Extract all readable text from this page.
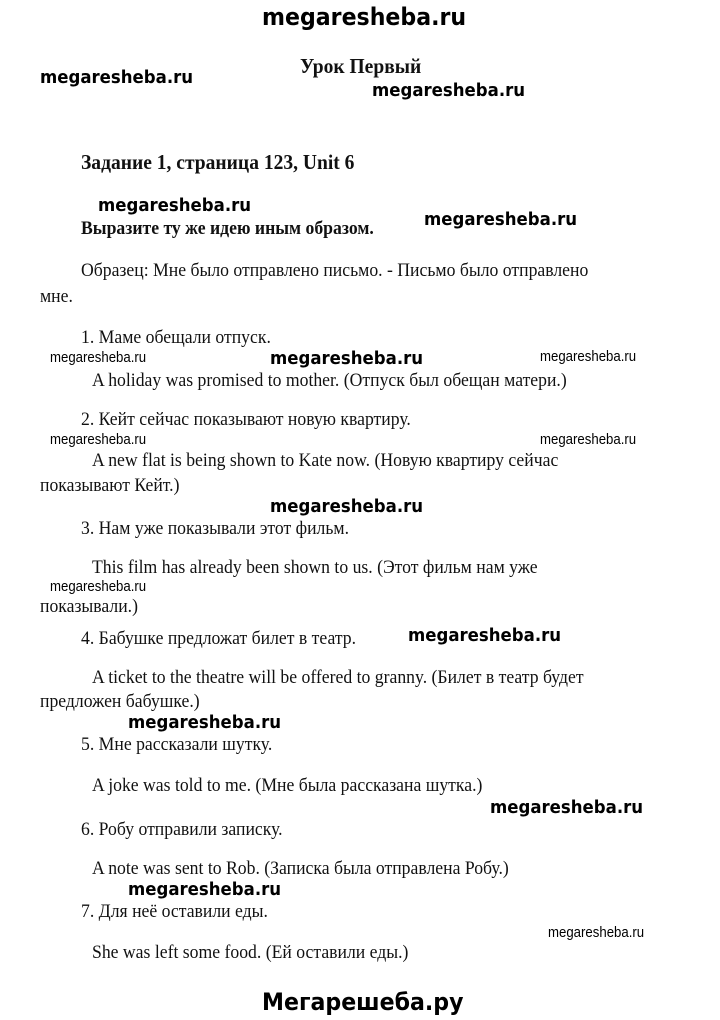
megaresheba.ru
Урок Первый
megaresheba.ru
megaresheba.ru
Задание 1, страница 123, Unit 6
megaresheba.ru
Выразите ту же идею иным образом.	megaresheba.ru
Образец: Мне было отправлено письмо. - Письмо было отправлено
мне.
1. Маме обещали отпуск.
megaresheba.ru	megaresheba.ru	megaresheba.ru
A holiday was promised to mother. (Отпуск был обещан матери.)
2. Кейт сейчас показывают новую квартиру.
megaresheba.ru	megaresheba.ru
A new flat is being shown to Kate now. (Новую квартиру сейчас
показывают Кейт.)
megaresheba.ru
3. Нам уже показывали этот фильм.
This film has already been shown to us. (Этот фильм нам уже
megaresheba.ru
показывали.)
4. Бабушке предложат билет в театр.	megaresheba.ru
A ticket to the theatre will be offered to granny. (Билет в театр будет
предложен бабушке.)
megaresheba.ru
5. Мне рассказали шутку.
A joke was told to me. (Мне была рассказана шутка.)
megaresheba.ru
6. Робу отправили записку.
A note was sent to Rob. (Записка была отправлена Робу.)
megaresheba.ru
7. Для неё оставили еды.
megaresheba.ru
She was left some food. (Ей оставили еды.)
Мегарешеба.ру
